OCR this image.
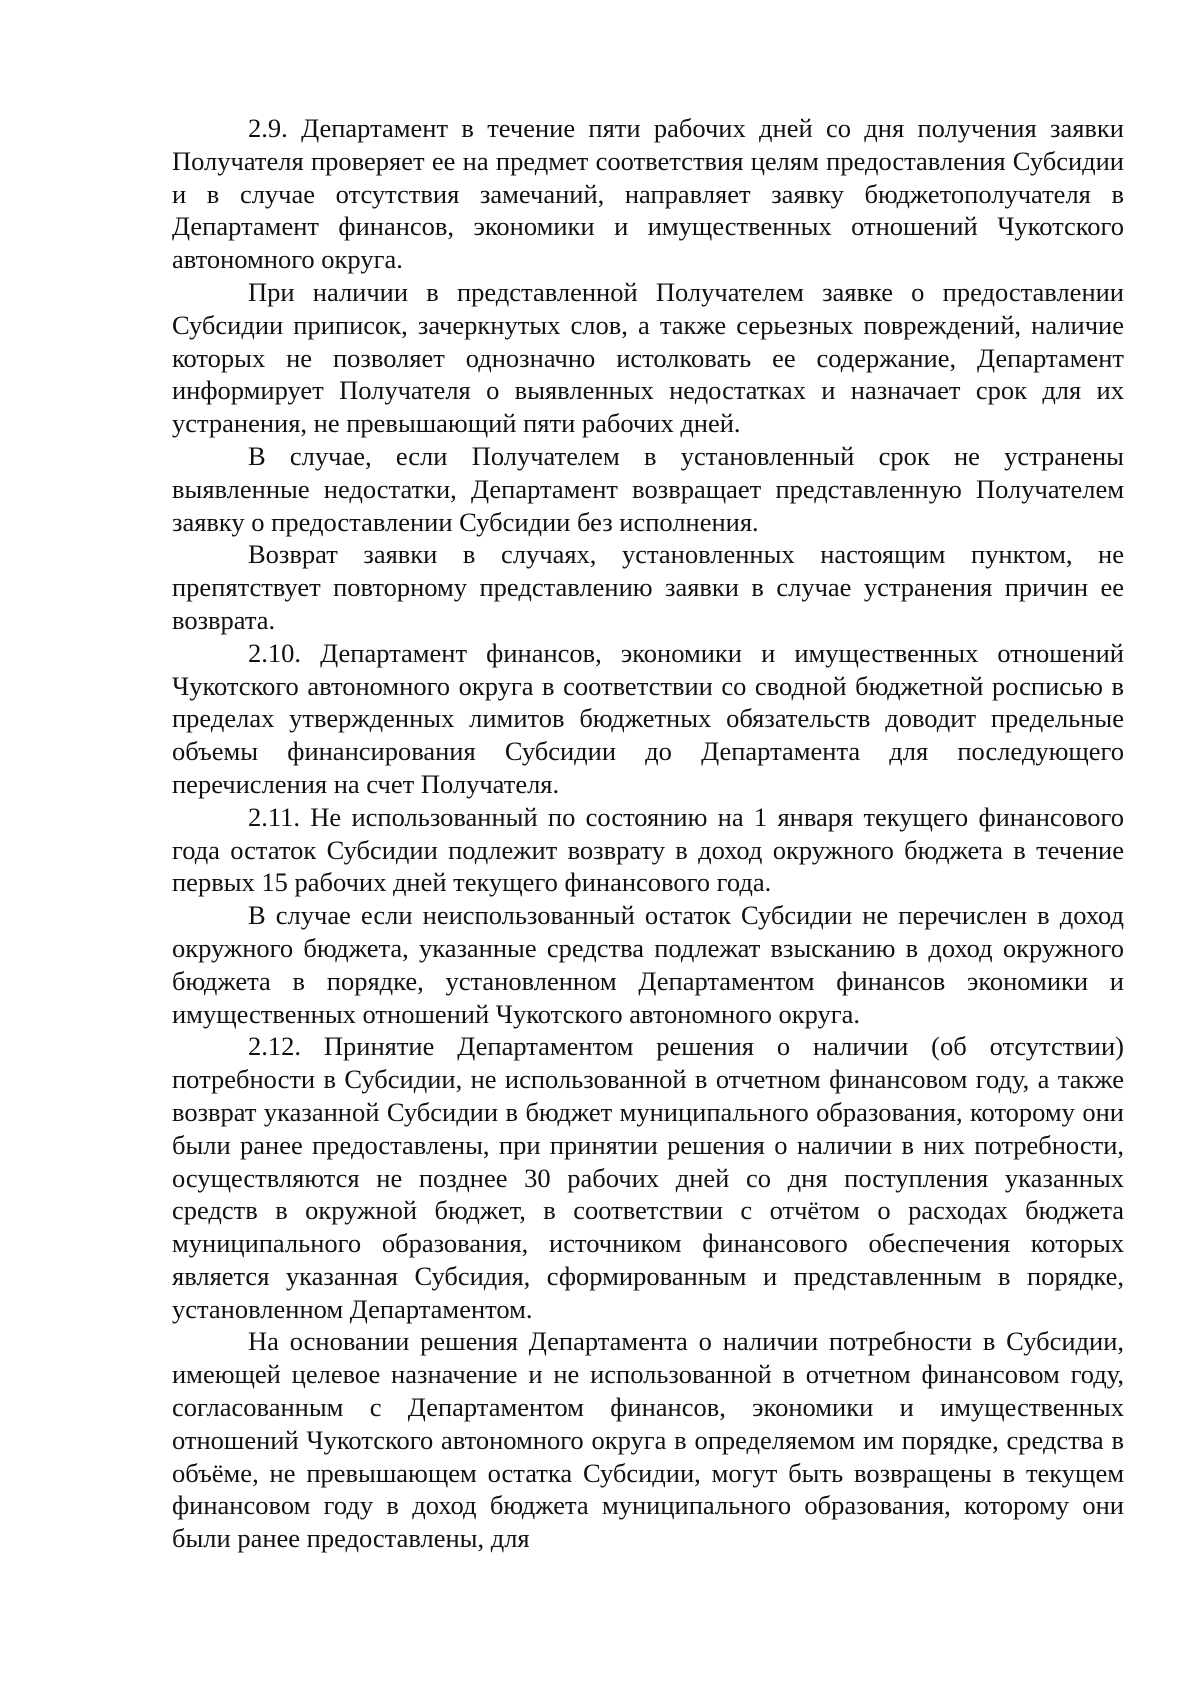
2.9. Департамент в течение пяти рабочих дней со дня получения заявки Получателя проверяет ее на предмет соответствия целям предоставления Субсидии и в случае отсутствия замечаний, направляет заявку бюджетополучателя в Департамент финансов, экономики и имущественных отношений Чукотского автономного округа.

При наличии в представленной Получателем заявке о предоставлении Субсидии приписок, зачеркнутых слов, а также серьезных повреждений, наличие которых не позволяет однозначно истолковать ее содержание, Департамент информирует Получателя о выявленных недостатках и назначает срок для их устранения, не превышающий пяти рабочих дней.

В случае, если Получателем в установленный срок не устранены выявленные недостатки, Департамент возвращает представленную Получателем заявку о предоставлении Субсидии без исполнения.

Возврат заявки в случаях, установленных настоящим пунктом, не препятствует повторному представлению заявки в случае устранения причин ее возврата.

2.10. Департамент финансов, экономики и имущественных отношений Чукотского автономного округа в соответствии со сводной бюджетной росписью в пределах утвержденных лимитов бюджетных обязательств доводит предельные объемы финансирования Субсидии до Департамента для последующего перечисления на счет Получателя.

2.11. Не использованный по состоянию на 1 января текущего финансового года остаток Субсидии подлежит возврату в доход окружного бюджета в течение первых 15 рабочих дней текущего финансового года.

В случае если неиспользованный остаток Субсидии не перечислен в доход окружного бюджета, указанные средства подлежат взысканию в доход окружного бюджета в порядке, установленном Департаментом финансов экономики и имущественных отношений Чукотского автономного округа.

2.12. Принятие Департаментом решения о наличии (об отсутствии) потребности в Субсидии, не использованной в отчетном финансовом году, а также возврат указанной Субсидии в бюджет муниципального образования, которому они были ранее предоставлены, при принятии решения о наличии в них потребности, осуществляются не позднее 30 рабочих дней со дня поступления указанных средств в окружной бюджет, в соответствии с отчётом о расходах бюджета муниципального образования, источником финансового обеспечения которых является указанная Субсидия, сформированным и представленным в порядке, установленном Департаментом.

На основании решения Департамента о наличии потребности в Субсидии, имеющей целевое назначение и не использованной в отчетном финансовом году, согласованным с Департаментом финансов, экономики и имущественных отношений Чукотского автономного округа в определяемом им порядке, средства в объёме, не превышающем остатка Субсидии, могут быть возвращены в текущем финансовом году в доход бюджета муниципального образования, которому они были ранее предоставлены, для
